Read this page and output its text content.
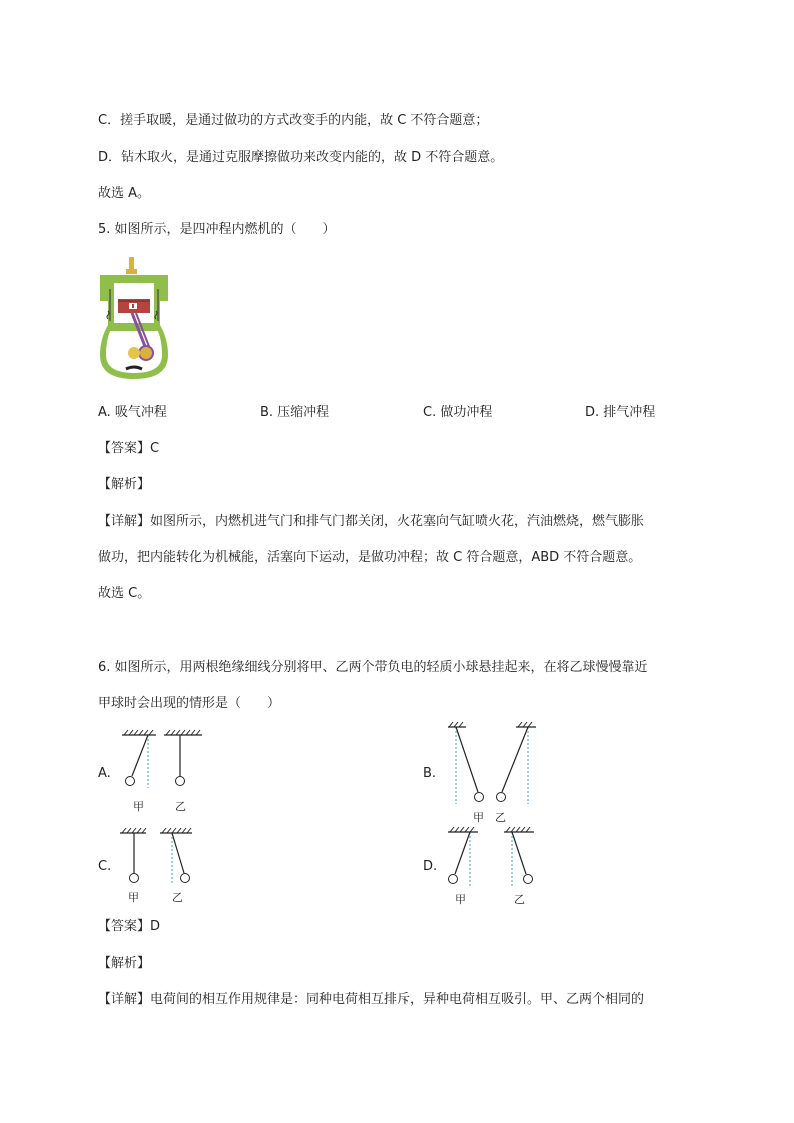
C．搓手取暖，是通过做功的方式改变手的内能，故 C 不符合题意；
D．钻木取火，是通过克服摩擦做功来改变内能的，故 D 不符合题意。
故选 A。
5. 如图所示，是四冲程内燃机的（　　）
A. 吸气冲程	B. 压缩冲程	C. 做功冲程	D. 排气冲程
【答案】C
【解析】
【详解】如图所示，内燃机进气门和排气门都关闭，火花塞向气缸喷火花，汽油燃烧，燃气膨胀
做功，把内能转化为机械能，活塞向下运动，是做功冲程；故 C 符合题意，ABD 不符合题意。
故选 C。
6. 如图所示，用两根绝缘细线分别将甲、乙两个带负电的轻质小球悬挂起来，在将乙球慢慢靠近
甲球时会出现的情形是（　　）
A.
甲	乙
B.
甲 乙
C.
甲	乙
D.
甲	乙
【答案】D
【解析】
【详解】电荷间的相互作用规律是：同种电荷相互排斥，异种电荷相互吸引。甲、乙两个相同的
